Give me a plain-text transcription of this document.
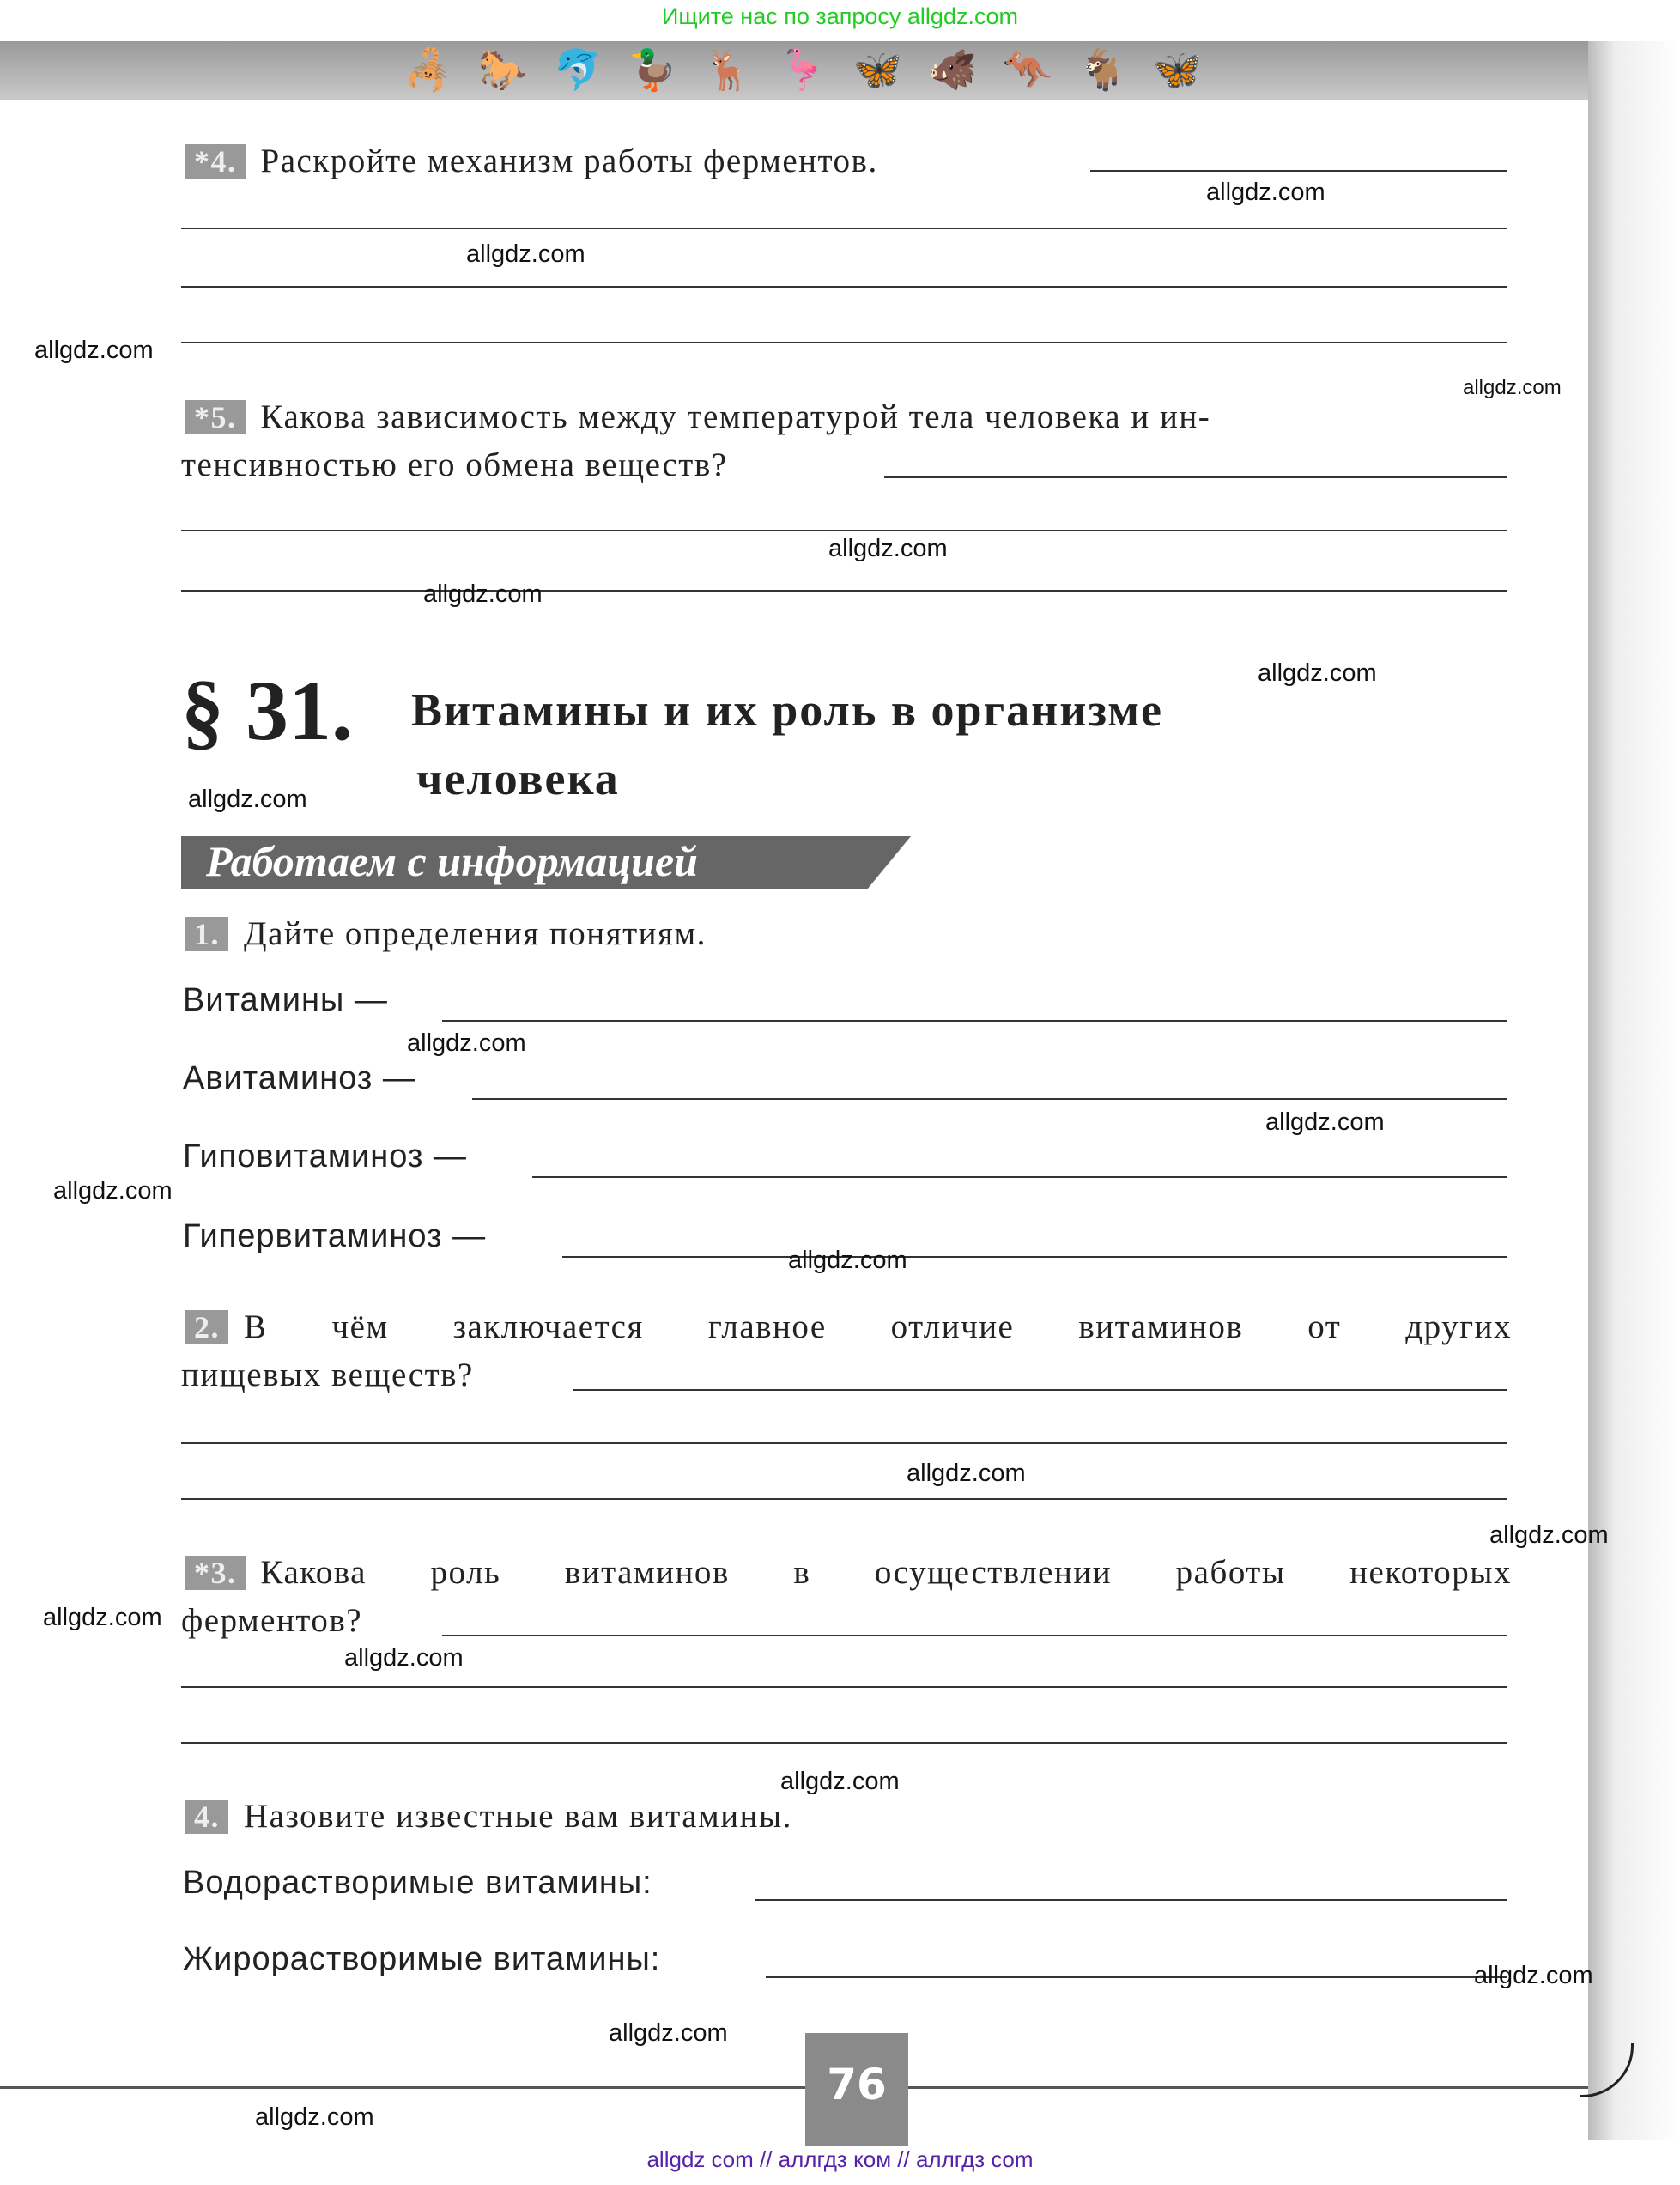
Ищите нас по запросу allgdz.com
🦂🐎🐬🦆🦌🦩🦋🐗🦘🐐🦋
*4. Раскройте механизм работы ферментов.
*5. Какова зависимость между температурой тела человека и ин-
тенсивностью его обмена веществ?
§ 31. Витамины и их роль в организме
человека
Работаем с информацией
1. Дайте определения понятиям.
Витамины —
Авитаминоз —
Гиповитаминоз —
Гипервитаминоз —
2. В чём заключается главное отличие витаминов от других
пищевых веществ?
*3. Какова роль витаминов в осуществлении работы некоторых
ферментов?
4. Назовите известные вам витамины.
Водорастворимые витамины:
Жирорастворимые витамины:
76
allgdz.com
allgdz.com
allgdz.com
allgdz.com
allgdz.com
allgdz.com
allgdz.com
allgdz.com
allgdz.com
allgdz.com
allgdz.com
allgdz.com
allgdz.com
allgdz.com
allgdz.com
allgdz.com
allgdz.com
allgdz.com
allgdz.com
allgdz.com
allgdz com // аллгдз ком // аллгдз com
